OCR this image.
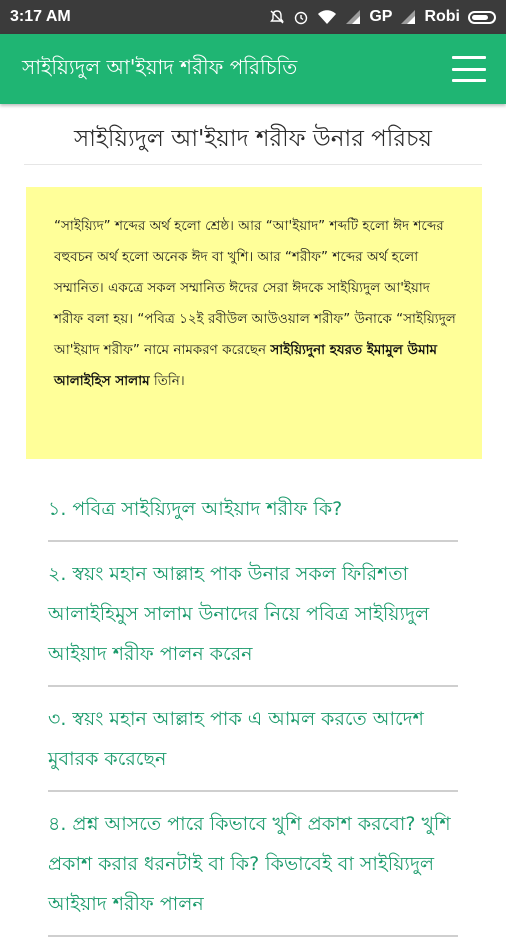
3:17 AM	GP Robi
সাইয়্যিদুল আ'ইয়াদ শরীফ পরিচিতি
সাইয়্যিদুল আ'ইয়াদ শরীফ উনার পরিচয়
“সাইয়্যিদ” শব্দের অর্থ হলো শ্রেষ্ঠ। আর “আ'ইয়াদ” শব্দটি হলো ঈদ শব্দের বহুবচন অর্থ হলো অনেক ঈদ বা খুশি। আর “শরীফ” শব্দের অর্থ হলো সম্মানিত। একত্রে সকল সম্মানিত ঈদের সেরা ঈদকে সাইয়্যিদুল আ'ইয়াদ শরীফ বলা হয়। “পবিত্র ১২ই রবীউল আউওয়াল শরীফ” উনাকে “সাইয়্যিদুল আ'ইয়াদ শরীফ” নামে নামকরণ করেছেন সাইয়্যিদুনা হযরত ইমামুল উমাম আলাইহিস সালাম তিনি।
১. পবিত্র সাইয়্যিদুল আইয়াদ শরীফ কি?
২. স্বয়ং মহান আল্লাহ পাক উনার সকল ফিরিশতা আলাইহিমুস সালাম উনাদের নিয়ে পবিত্র সাইয়্যিদুল আইয়াদ শরীফ পালন করেন
৩. স্বয়ং মহান আল্লাহ পাক এ আমল করতে আদেশ মুবারক করেছেন
৪. প্রশ্ন আসতে পারে কিভাবে খুশি প্রকাশ করবো? খুশি প্রকাশ করার ধরনটাই বা কি? কিভাবেই বা সাইয়্যিদুল আইয়াদ শরীফ পালন
